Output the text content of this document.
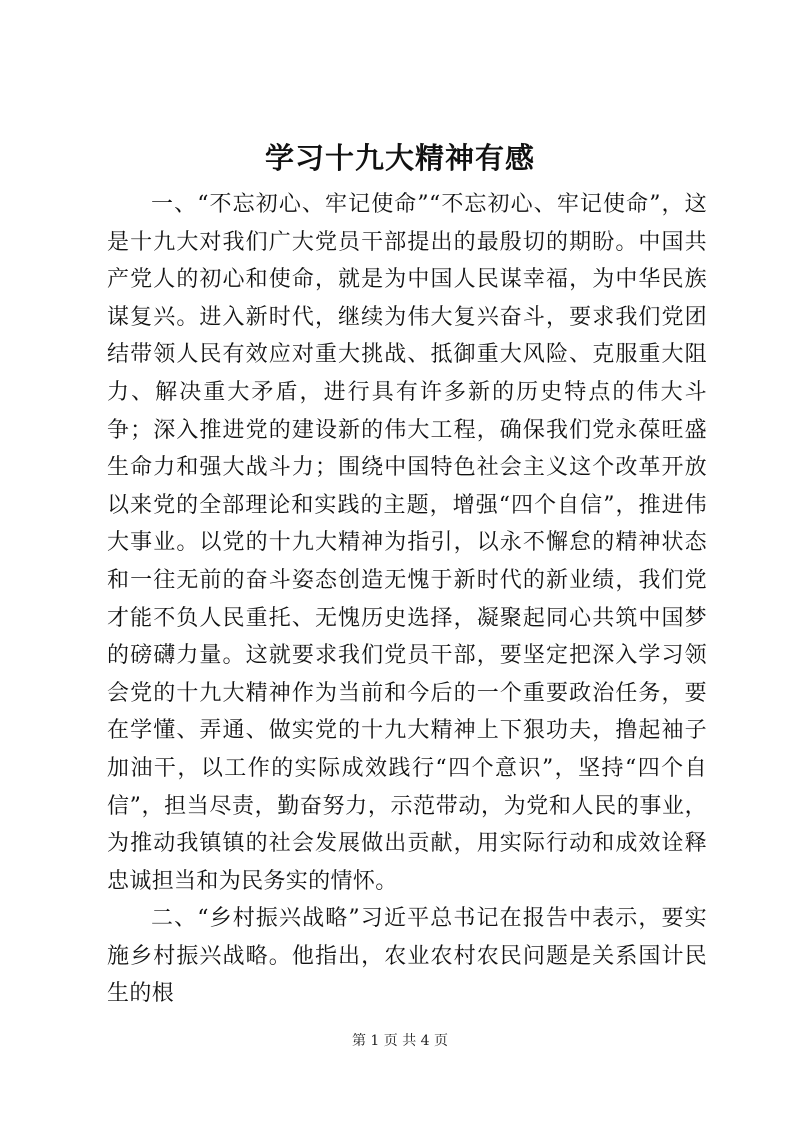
学习十九大精神有感

一、“不忘初心、牢记使命”“不忘初心、牢记使命”，这是十九大对我们广大党员干部提出的最殷切的期盼。中国共产党人的初心和使命，就是为中国人民谋幸福，为中华民族谋复兴。进入新时代，继续为伟大复兴奋斗，要求我们党团结带领人民有效应对重大挑战、抵御重大风险、克服重大阻力、解决重大矛盾，进行具有许多新的历史特点的伟大斗争；深入推进党的建设新的伟大工程，确保我们党永葆旺盛生命力和强大战斗力；围绕中国特色社会主义这个改革开放以来党的全部理论和实践的主题，增强“四个自信”，推进伟大事业。以党的十九大精神为指引，以永不懈怠的精神状态和一往无前的奋斗姿态创造无愧于新时代的新业绩，我们党才能不负人民重托、无愧历史选择，凝聚起同心共筑中国梦的磅礴力量。这就要求我们党员干部，要坚定把深入学习领会党的十九大精神作为当前和今后的一个重要政治任务，要在学懂、弄通、做实党的十九大精神上下狠功夫，撸起袖子加油干，以工作的实际成效践行“四个意识”，坚持“四个自信”，担当尽责，勤奋努力，示范带动，为党和人民的事业，为推动我镇镇的社会发展做出贡献，用实际行动和成效诠释忠诚担当和为民务实的情怀。

二、“乡村振兴战略”习近平总书记在报告中表示，要实施乡村振兴战略。他指出，农业农村农民问题是关系国计民生的根

第 1 页 共 4 页
